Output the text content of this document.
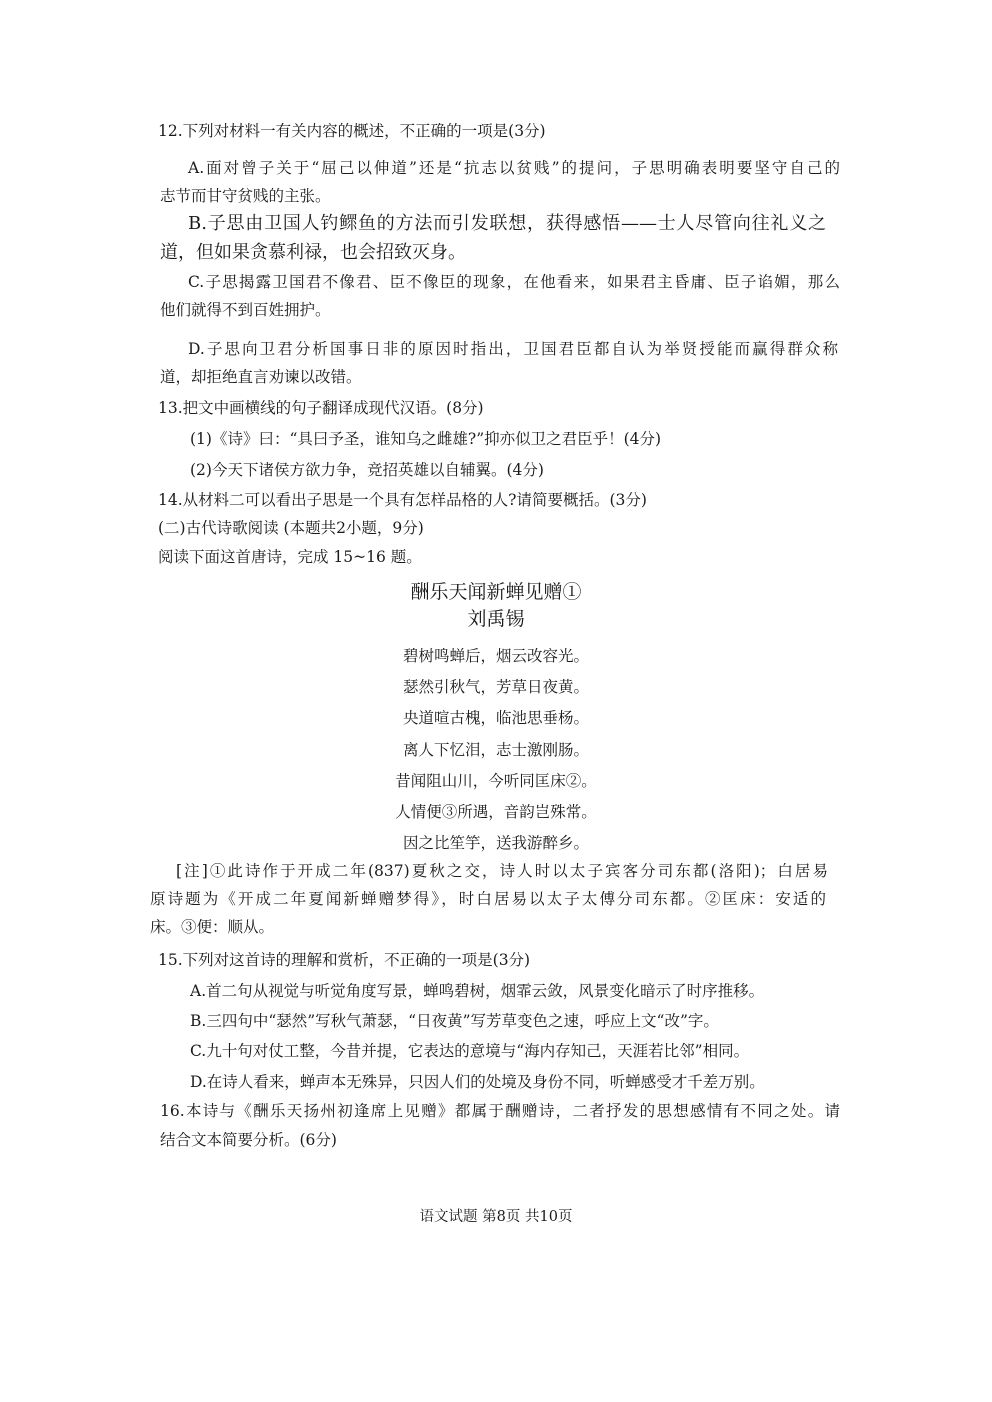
12.下列对材料一有关内容的概述，不正确的一项是(3分)
A.面对曾子关于“屈己以伸道”还是“抗志以贫贱”的提问，子思明确表明要坚守自己的
志节而甘守贫贱的主张。
B.子思由卫国人钓鳏鱼的方法而引发联想，获得感悟——士人尽管向往礼义之
道，但如果贪慕利禄，也会招致灭身。
C.子思揭露卫国君不像君、臣不像臣的现象，在他看来，如果君主昏庸、臣子谄媚，那么
他们就得不到百姓拥护。
D.子思向卫君分析国事日非的原因时指出，卫国君臣都自认为举贤授能而赢得群众称
道，却拒绝直言劝谏以改错。
13.把文中画横线的句子翻译成现代汉语。(8分)
(1)《诗》曰：“具曰予圣，谁知乌之雌雄?”抑亦似卫之君臣乎！(4分)
(2)今天下诸侯方欲力争，竞招英雄以自辅翼。(4分)
14.从材料二可以看出子思是一个具有怎样品格的人?请简要概括。(3分)
(二)古代诗歌阅读 (本题共2小题，9分)
阅读下面这首唐诗，完成 15~16 题。
酬乐天闻新蝉见赠①
刘禹锡
碧树鸣蝉后，烟云改容光。
瑟然引秋气，芳草日夜黄。
央道喧古槐，临池思垂杨。
离人下忆泪，志士激刚肠。
昔闻阻山川，今听同匡床②。
人情便③所遇，音韵岂殊常。
因之比笙竽，送我游醉乡。
[注]①此诗作于开成二年(837)夏秋之交，诗人时以太子宾客分司东都(洛阳)；白居易
原诗题为《开成二年夏闻新蝉赠梦得》，时白居易以太子太傅分司东都。②匡床：安适的
床。③便：顺从。
15.下列对这首诗的理解和赏析，不正确的一项是(3分)
A.首二句从视觉与听觉角度写景，蝉鸣碧树，烟霏云敛，风景变化暗示了时序推移。
B.三四句中“瑟然”写秋气萧瑟，“日夜黄”写芳草变色之速，呼应上文“改”字。
C.九十句对仗工整，今昔并提，它表达的意境与“海内存知己，天涯若比邻”相同。
D.在诗人看来，蝉声本无殊异，只因人们的处境及身份不同，听蝉感受才千差万别。
16.本诗与《酬乐天扬州初逢席上见赠》都属于酬赠诗，二者抒发的思想感情有不同之处。请
结合文本简要分析。(6分)
语文试题 第8页 共10页
